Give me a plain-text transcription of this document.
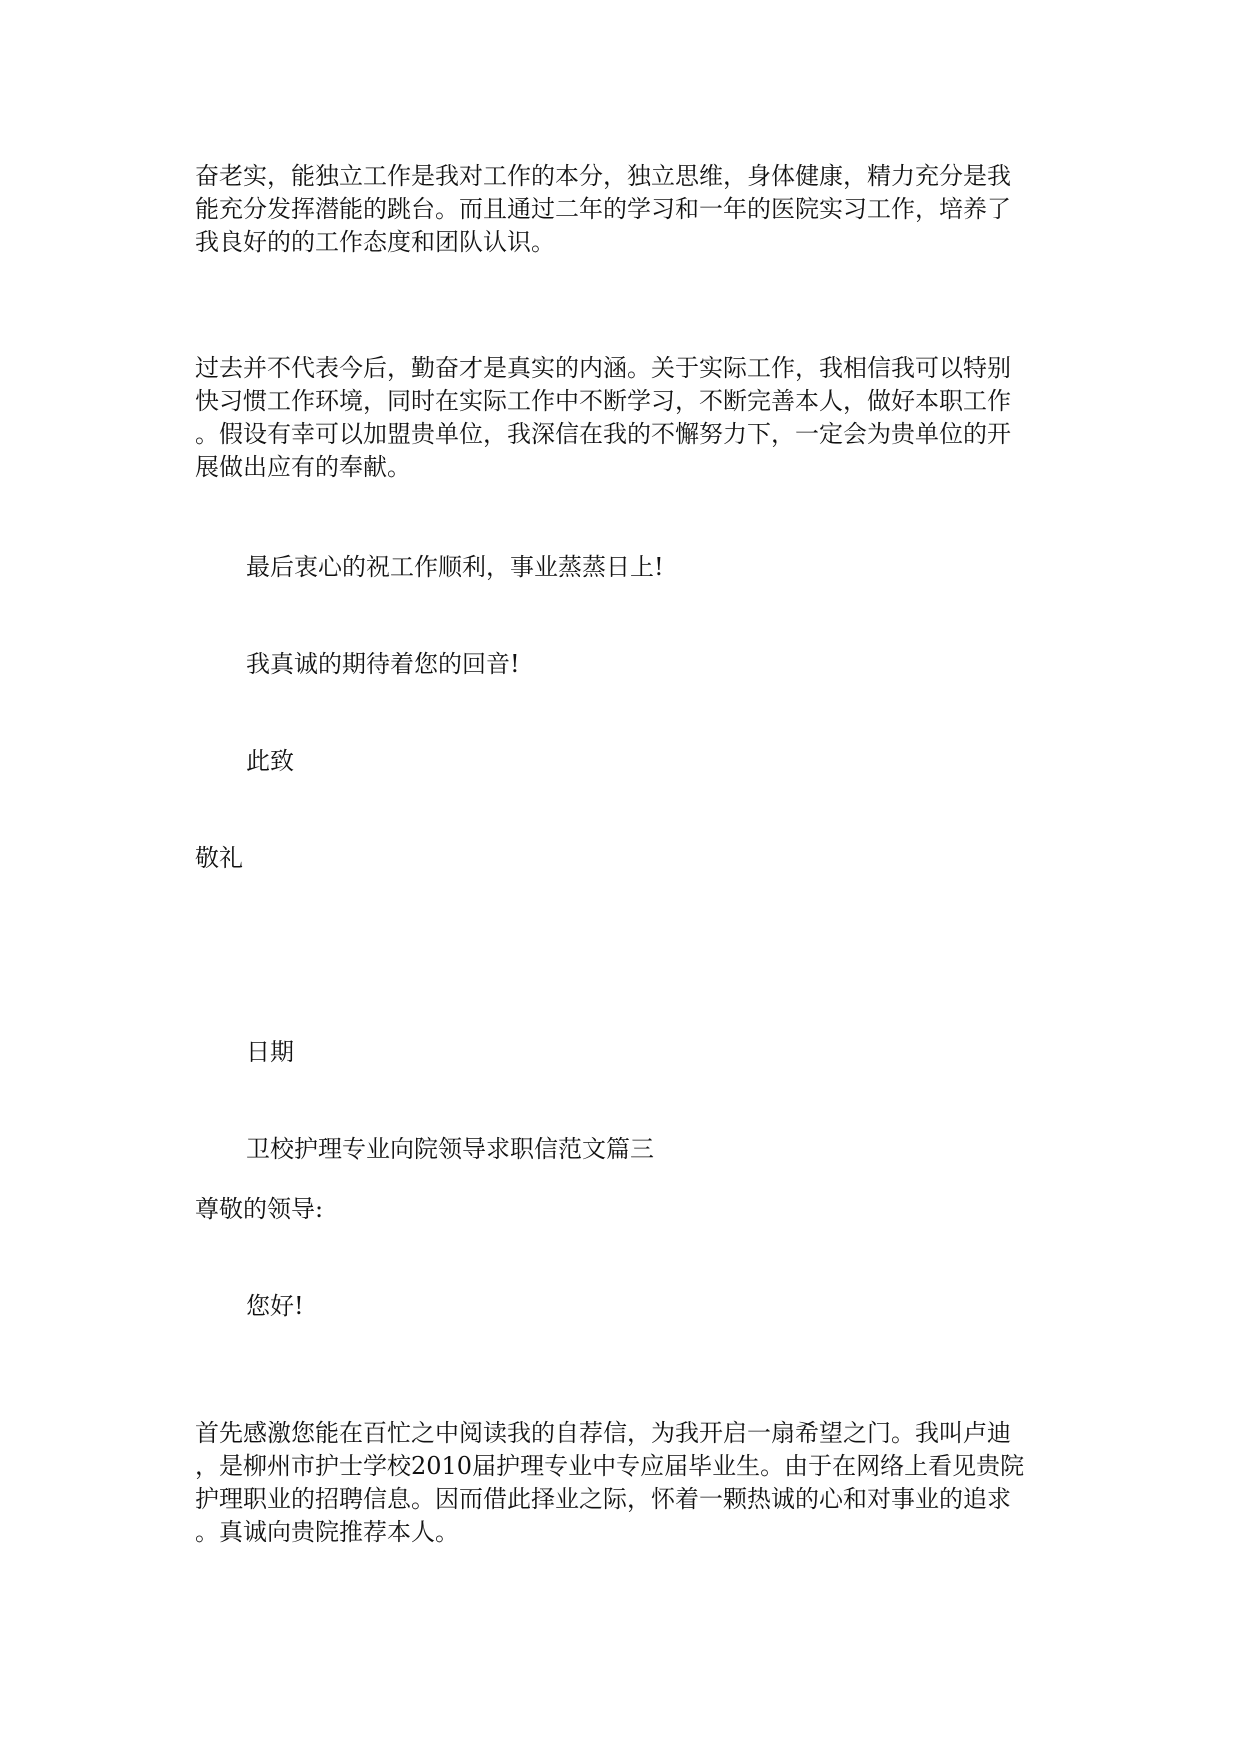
奋老实，能独立工作是我对工作的本分，独立思维，身体健康，精力充分是我
能充分发挥潜能的跳台。而且通过二年的学习和一年的医院实习工作，培养了
我良好的的工作态度和团队认识。
过去并不代表今后，勤奋才是真实的内涵。关于实际工作，我相信我可以特别
快习惯工作环境，同时在实际工作中不断学习，不断完善本人，做好本职工作
。假设有幸可以加盟贵单位，我深信在我的不懈努力下，一定会为贵单位的开
展做出应有的奉献。
最后衷心的祝工作顺利，事业蒸蒸日上!
我真诚的期待着您的回音!
此致
敬礼
日期
卫校护理专业向院领导求职信范文篇三
尊敬的领导:
您好!
首先感激您能在百忙之中阅读我的自荐信，为我开启一扇希望之门。我叫卢迪
，是柳州市护士学校2010届护理专业中专应届毕业生。由于在网络上看见贵院
护理职业的招聘信息。因而借此择业之际，怀着一颗热诚的心和对事业的追求
。真诚向贵院推荐本人。
